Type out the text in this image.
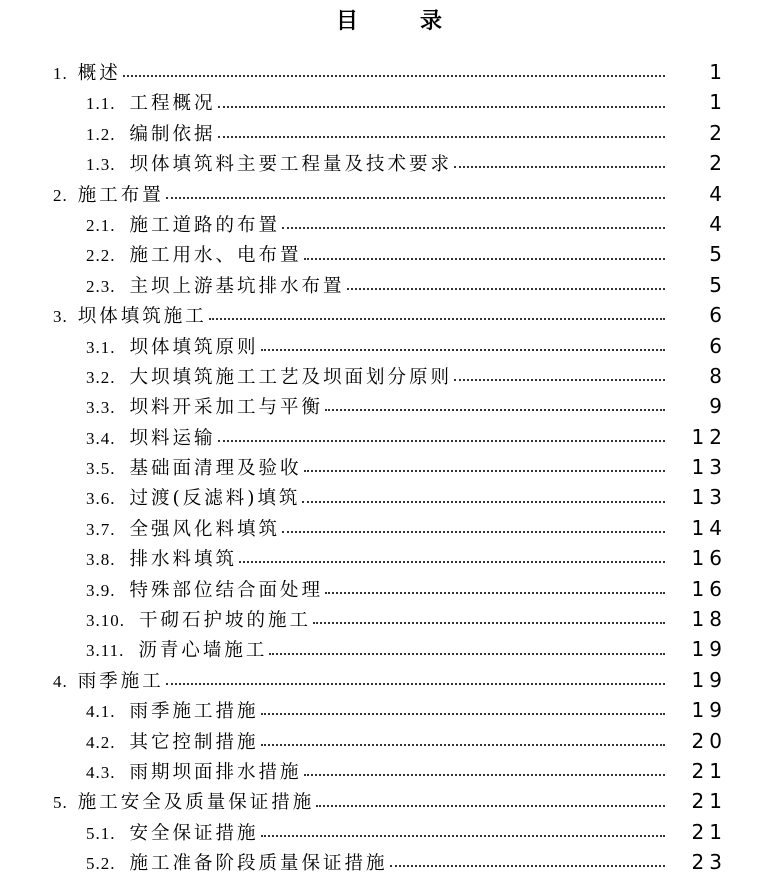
目	录
1. 概述	1
1.1. 工程概况	1
1.2. 编制依据	2
1.3. 坝体填筑料主要工程量及技术要求	2
2. 施工布置	4
2.1. 施工道路的布置	4
2.2. 施工用水、电布置	5
2.3. 主坝上游基坑排水布置	5
3. 坝体填筑施工	6
3.1. 坝体填筑原则	6
3.2. 大坝填筑施工工艺及坝面划分原则	8
3.3. 坝料开采加工与平衡	9
3.4. 坝料运输	12
3.5. 基础面清理及验收	13
3.6. 过渡(反滤料)填筑	13
3.7. 全强风化料填筑	14
3.8. 排水料填筑	16
3.9. 特殊部位结合面处理	16
3.10. 干砌石护坡的施工	18
3.11. 沥青心墙施工	19
4. 雨季施工	19
4.1. 雨季施工措施	19
4.2. 其它控制措施	20
4.3. 雨期坝面排水措施	21
5. 施工安全及质量保证措施	21
5.1. 安全保证措施	21
5.2. 施工准备阶段质量保证措施	23
